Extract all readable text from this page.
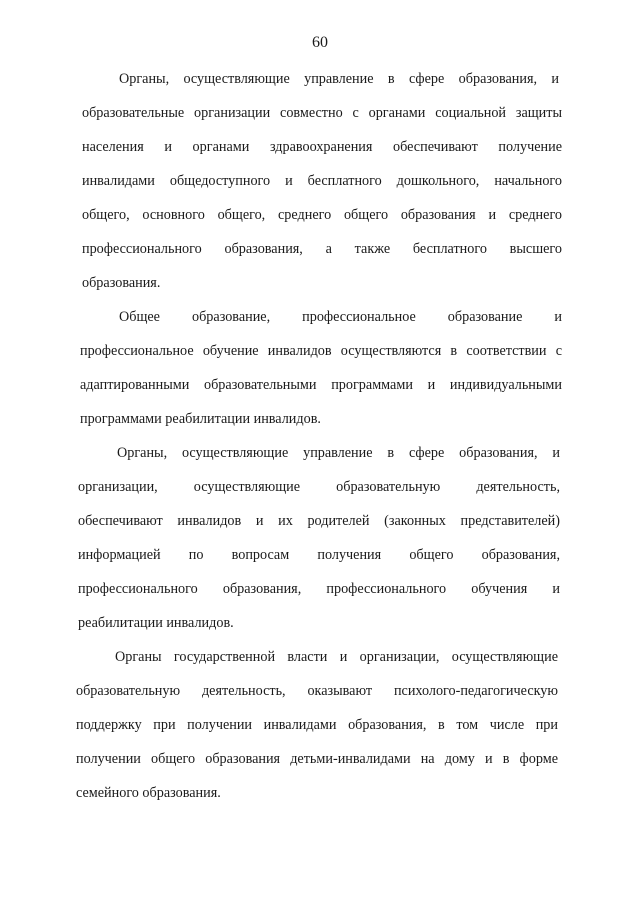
60
Органы, осуществляющие управление в сфере образования, и
образовательные организации совместно с органами социальной защиты
населения и органами здравоохранения обеспечивают получение
инвалидами общедоступного и бесплатного дошкольного, начального
общего, основного общего, среднего общего образования и среднего
профессионального образования, а также бесплатного высшего
образования.
Общее образование, профессиональное образование и
профессиональное обучение инвалидов осуществляются в соответствии с
адаптированными образовательными программами и индивидуальными
программами реабилитации инвалидов.
Органы, осуществляющие управление в сфере образования, и
организации, осуществляющие образовательную деятельность,
обеспечивают инвалидов и их родителей (законных представителей)
информацией по вопросам получения общего образования,
профессионального образования, профессионального обучения и
реабилитации инвалидов.
Органы государственной власти и организации, осуществляющие
образовательную деятельность, оказывают психолого-педагогическую
поддержку при получении инвалидами образования, в том числе при
получении общего образования детьми-инвалидами на дому и в форме
семейного образования.
